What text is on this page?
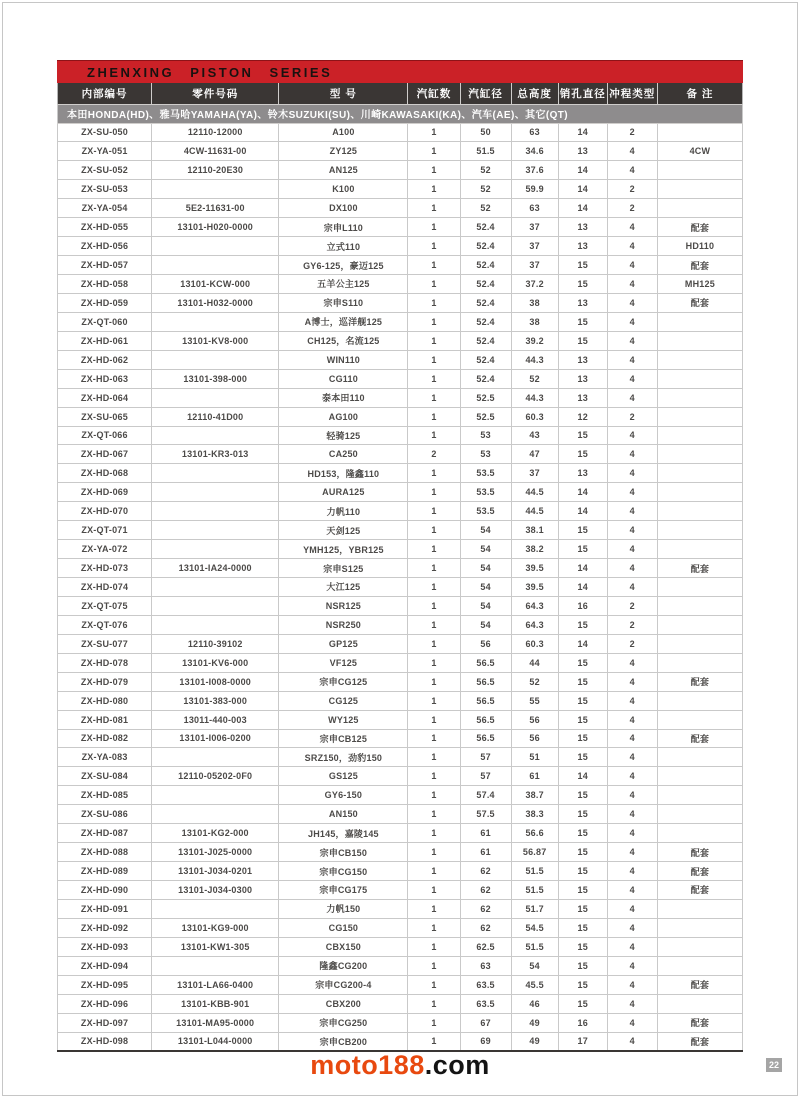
ZHENXING PISTON SERIES
内部编号	零件号码	型 号	汽缸数	汽缸径	总高度	销孔直径	冲程类型	备 注
本田HONDA(HD)、雅马哈YAMAHA(YA)、铃木SUZUKI(SU)、川崎KAWASAKI(KA)、汽车(AE)、其它(QT)								
ZX-SU-050	12110-12000	A100	1	50	63	14	2	
ZX-YA-051	4CW-11631-00	ZY125	1	51.5	34.6	13	4	4CW
ZX-SU-052	12110-20E30	AN125	1	52	37.6	14	4	
ZX-SU-053		K100	1	52	59.9	14	2	
ZX-YA-054	5E2-11631-00	DX100	1	52	63	14	2	
ZX-HD-055	13101-H020-0000	宗申L110	1	52.4	37	13	4	配套
ZX-HD-056		立式110	1	52.4	37	13	4	HD110
ZX-HD-057		GY6-125，豪迈125	1	52.4	37	15	4	配套
ZX-HD-058	13101-KCW-000	五羊公主125	1	52.4	37.2	15	4	MH125
ZX-HD-059	13101-H032-0000	宗申S110	1	52.4	38	13	4	配套
ZX-QT-060		A博士，巡洋舰125	1	52.4	38	15	4	
ZX-HD-061	13101-KV8-000	CH125，名流125	1	52.4	39.2	15	4	
ZX-HD-062		WIN110	1	52.4	44.3	13	4	
ZX-HD-063	13101-398-000	CG110	1	52.4	52	13	4	
ZX-HD-064		泰本田110	1	52.5	44.3	13	4	
ZX-SU-065	12110-41D00	AG100	1	52.5	60.3	12	2	
ZX-QT-066		轻骑125	1	53	43	15	4	
ZX-HD-067	13101-KR3-013	CA250	2	53	47	15	4	
ZX-HD-068		HD153，隆鑫110	1	53.5	37	13	4	
ZX-HD-069		AURA125	1	53.5	44.5	14	4	
ZX-HD-070		力帆110	1	53.5	44.5	14	4	
ZX-QT-071		天剑125	1	54	38.1	15	4	
ZX-YA-072		YMH125，YBR125	1	54	38.2	15	4	
ZX-HD-073	13101-IA24-0000	宗申S125	1	54	39.5	14	4	配套
ZX-HD-074		大江125	1	54	39.5	14	4	
ZX-QT-075		NSR125	1	54	64.3	16	2	
ZX-QT-076		NSR250	1	54	64.3	15	2	
ZX-SU-077	12110-39102	GP125	1	56	60.3	14	2	
ZX-HD-078	13101-KV6-000	VF125	1	56.5	44	15	4	
ZX-HD-079	13101-I008-0000	宗申CG125	1	56.5	52	15	4	配套
ZX-HD-080	13101-383-000	CG125	1	56.5	55	15	4	
ZX-HD-081	13011-440-003	WY125	1	56.5	56	15	4	
ZX-HD-082	13101-I006-0200	宗申CB125	1	56.5	56	15	4	配套
ZX-YA-083		SRZ150，劲豹150	1	57	51	15	4	
ZX-SU-084	12110-05202-0F0	GS125	1	57	61	14	4	
ZX-HD-085		GY6-150	1	57.4	38.7	15	4	
ZX-SU-086		AN150	1	57.5	38.3	15	4	
ZX-HD-087	13101-KG2-000	JH145，嘉陵145	1	61	56.6	15	4	
ZX-HD-088	13101-J025-0000	宗申CB150	1	61	56.87	15	4	配套
ZX-HD-089	13101-J034-0201	宗申CG150	1	62	51.5	15	4	配套
ZX-HD-090	13101-J034-0300	宗申CG175	1	62	51.5	15	4	配套
ZX-HD-091		力帆150	1	62	51.7	15	4	
ZX-HD-092	13101-KG9-000	CG150	1	62	54.5	15	4	
ZX-HD-093	13101-KW1-305	CBX150	1	62.5	51.5	15	4	
ZX-HD-094		隆鑫CG200	1	63	54	15	4	
ZX-HD-095	13101-LA66-0400	宗申CG200-4	1	63.5	45.5	15	4	配套
ZX-HD-096	13101-KBB-901	CBX200	1	63.5	46	15	4	
ZX-HD-097	13101-MA95-0000	宗申CG250	1	67	49	16	4	配套
ZX-HD-098	13101-L044-0000	宗申CB200	1	69	49	17	4	配套
moto188.com	22
